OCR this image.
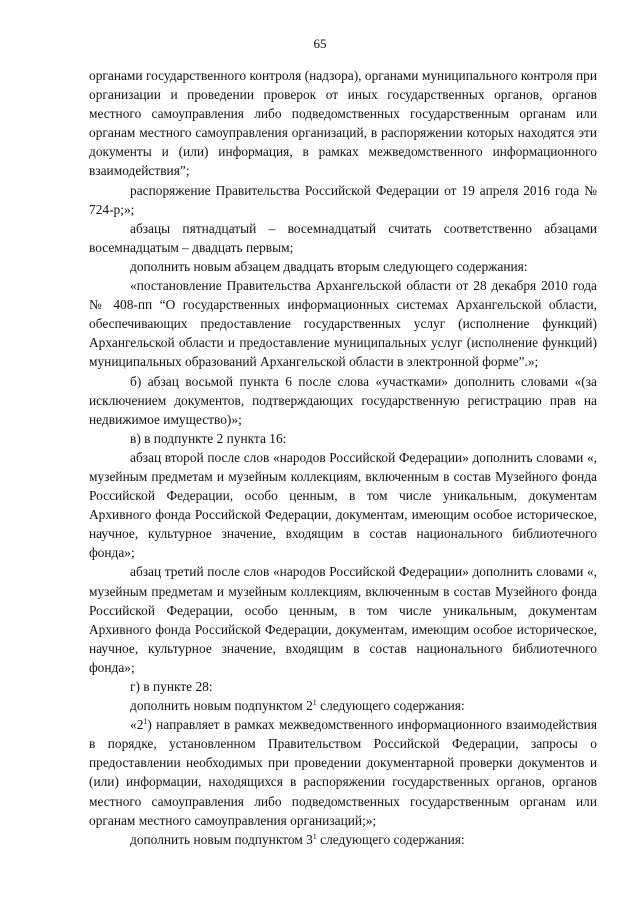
65

органами государственного контроля (надзора), органами муниципального контроля при организации и проведении проверок от иных государственных органов, органов местного самоуправления либо подведомственных государственным органам или органам местного самоуправления организаций, в распоряжении которых находятся эти документы и (или) информация, в рамках межведомственного информационного взаимодействия”;

распоряжение Правительства Российской Федерации от 19 апреля 2016 года № 724-р;»;

абзацы пятнадцатый – восемнадцатый считать соответственно абзацами восемнадцатым – двадцать первым;

дополнить новым абзацем двадцать вторым следующего содержания:

«постановление Правительства Архангельской области от 28 декабря 2010 года № 408-пп “О государственных информационных системах Архангельской области, обеспечивающих предоставление государственных услуг (исполнение функций) Архангельской области и предоставление муниципальных услуг (исполнение функций) муниципальных образований Архангельской области в электронной форме”.»;

б) абзац восьмой пункта 6 после слова «участками» дополнить словами «(за исключением документов, подтверждающих государственную регистрацию прав на недвижимое имущество)»;

в) в подпункте 2 пункта 16:

абзац второй после слов «народов Российской Федерации» дополнить словами «, музейным предметам и музейным коллекциям, включенным в состав Музейного фонда Российской Федерации, особо ценным, в том числе уникальным, документам Архивного фонда Российской Федерации, документам, имеющим особое историческое, научное, культурное значение, входящим в состав национального библиотечного фонда»;

абзац третий после слов «народов Российской Федерации» дополнить словами «, музейным предметам и музейным коллекциям, включенным в состав Музейного фонда Российской Федерации, особо ценным, в том числе уникальным, документам Архивного фонда Российской Федерации, документам, имеющим особое историческое, научное, культурное значение, входящим в состав национального библиотечного фонда»;

г) в пункте 28:

дополнить новым подпунктом $2^1$ следующего содержания:

«$2^1$) направляет в рамках межведомственного информационного взаимодействия в порядке, установленном Правительством Российской Федерации, запросы о предоставлении необходимых при проведении документарной проверки документов и (или) информации, находящихся в распоряжении государственных органов, органов местного самоуправления либо подведомственных государственным органам или органам местного самоуправления организаций;»;

дополнить новым подпунктом $3^1$ следующего содержания:
